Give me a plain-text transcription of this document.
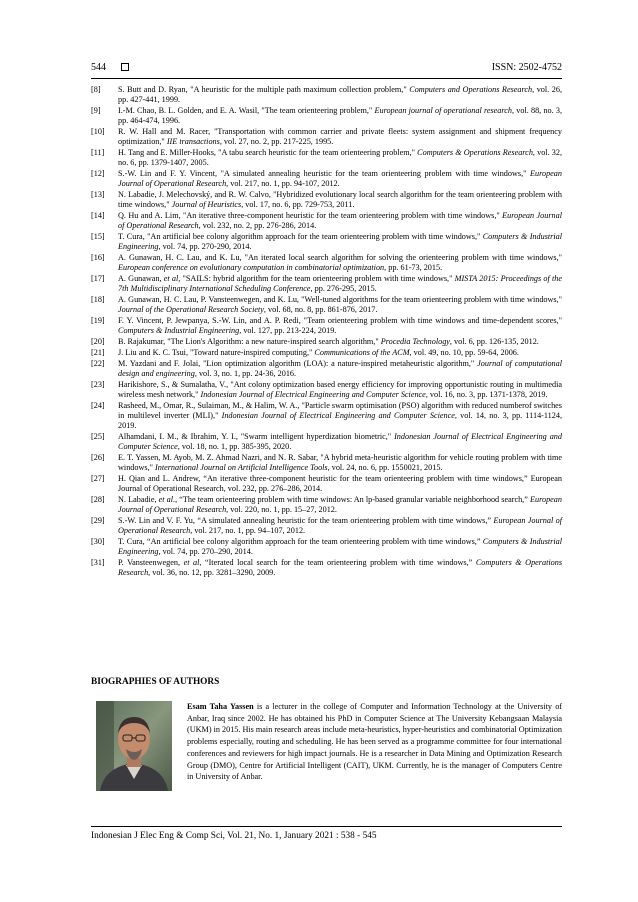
544	ISSN: 2502-4752
[8] S. Butt and D. Ryan, "A heuristic for the multiple path maximum collection problem," Computers and Operations Research, vol. 26, pp. 427-441, 1999.
[9] I.-M. Chao, B. L. Golden, and E. A. Wasil, "The team orienteering problem," European journal of operational research, vol. 88, no. 3, pp. 464-474, 1996.
[10] R. W. Hall and M. Racer, "Transportation with common carrier and private fleets: system assignment and shipment frequency optimization," IIE transactions, vol. 27, no. 2, pp. 217-225, 1995.
[11] H. Tang and E. Miller-Hooks, "A tabu search heuristic for the team orienteering problem," Computers & Operations Research, vol. 32, no. 6, pp. 1379-1407, 2005.
[12] S.-W. Lin and F. Y. Vincent, "A simulated annealing heuristic for the team orienteering problem with time windows," European Journal of Operational Research, vol. 217, no. 1, pp. 94-107, 2012.
[13] N. Labadie, J. Melechovský, and R. W. Calvo, "Hybridized evolutionary local search algorithm for the team orienteering problem with time windows," Journal of Heuristics, vol. 17, no. 6, pp. 729-753, 2011.
[14] Q. Hu and A. Lim, "An iterative three-component heuristic for the team orienteering problem with time windows," European Journal of Operational Research, vol. 232, no. 2, pp. 276-286, 2014.
[15] T. Cura, "An artificial bee colony algorithm approach for the team orienteering problem with time windows," Computers & Industrial Engineering, vol. 74, pp. 270-290, 2014.
[16] A. Gunawan, H. C. Lau, and K. Lu, "An iterated local search algorithm for solving the orienteering problem with time windows," European conference on evolutionary computation in combinatorial optimization, pp. 61-73, 2015.
[17] A. Gunawan, et al, "SAILS: hybrid algorithm for the team orienteering problem with time windows," MISTA 2015: Proceedings of the 7th Multidisciplinary International Scheduling Conference, pp. 276-295, 2015.
[18] A. Gunawan, H. C. Lau, P. Vansteenwegen, and K. Lu, "Well-tuned algorithms for the team orienteering problem with time windows," Journal of the Operational Research Society, vol. 68, no. 8, pp. 861-876, 2017.
[19] F. Y. Vincent, P. Jewpanya, S.-W. Lin, and A. P. Redi, "Team orienteering problem with time windows and time-dependent scores," Computers & Industrial Engineering, vol. 127, pp. 213-224, 2019.
[20] B. Rajakumar, "The Lion's Algorithm: a new nature-inspired search algorithm," Procedia Technology, vol. 6, pp. 126-135, 2012.
[21] J. Liu and K. C. Tsui, "Toward nature-inspired computing," Communications of the ACM, vol. 49, no. 10, pp. 59-64, 2006.
[22] M. Yazdani and F. Jolai, "Lion optimization algorithm (LOA): a nature-inspired metaheuristic algorithm," Journal of computational design and engineering, vol. 3, no. 1, pp. 24-36, 2016.
[23] Harikishore, S., & Sumalatha, V., "Ant colony optimization based energy efficiency for improving opportunistic routing in multimedia wireless mesh network," Indonesian Journal of Electrical Engineering and Computer Science, vol. 16, no. 3, pp. 1371-1378, 2019.
[24] Rasheed, M., Omar, R., Sulaiman, M., & Halim, W. A., "Particle swarm optimisation (PSO) algorithm with reduced numberof switches in multilevel inverter (MLI)," Indonesian Journal of Electrical Engineering and Computer Science, vol. 14, no. 3, pp. 1114-1124, 2019.
[25] Alhamdani, I. M., & Ibrahim, Y. I., "Swarm intelligent hyperdization biometric," Indonesian Journal of Electrical Engineering and Computer Science, vol. 18, no. 1, pp. 385-395, 2020.
[26] E. T. Yassen, M. Ayob, M. Z. Ahmad Nazri, and N. R. Sabar, "A hybrid meta-heuristic algorithm for vehicle routing problem with time windows," International Journal on Artificial Intelligence Tools, vol. 24, no. 6, pp. 1550021, 2015.
[27] H. Qian and L. Andrew, “An iterative three-component heuristic for the team orienteering problem with time windows,” European Journal of Operational Research, vol. 232, pp. 276–286, 2014.
[28] N. Labadie, et al., “The team orienteering problem with time windows: An lp-based granular variable neighborhood search,” European Journal of Operational Research, vol. 220, no. 1, pp. 15–27, 2012.
[29] S.-W. Lin and V. F. Yu, “A simulated annealing heuristic for the team orienteering problem with time windows,” European Journal of Operational Research, vol. 217, no. 1, pp. 94–107, 2012.
[30] T. Cura, “An artificial bee colony algorithm approach for the team orienteering problem with time windows,” Computers & Industrial Engineering, vol. 74, pp. 270–290, 2014.
[31] P. Vansteenwegen, et al, “Iterated local search for the team orienteering problem with time windows,” Computers & Operations Research, vol. 36, no. 12, pp. 3281–3290, 2009.
BIOGRAPHIES OF AUTHORS

Esam Taha Yassen is a lecturer in the college of Computer and Information Technology at the University of Anbar, Iraq since 2002. He has obtained his PhD in Computer Science at The University Kebangsaan Malaysia (UKM) in 2015. His main research areas include meta-heuristics, hyper-heuristics and combinatorial Optimization problems especially, routing and scheduling. He has been served as a programme committee for four international conferences and reviewers for high impact journals. He is a researcher in Data Mining and Optimization Research Group (DMO), Centre for Artificial Intelligent (CAIT), UKM. Currently, he is the manager of Computers Centre in University of Anbar.

Indonesian J Elec Eng & Comp Sci, Vol. 21, No. 1, January 2021 : 538 - 545
